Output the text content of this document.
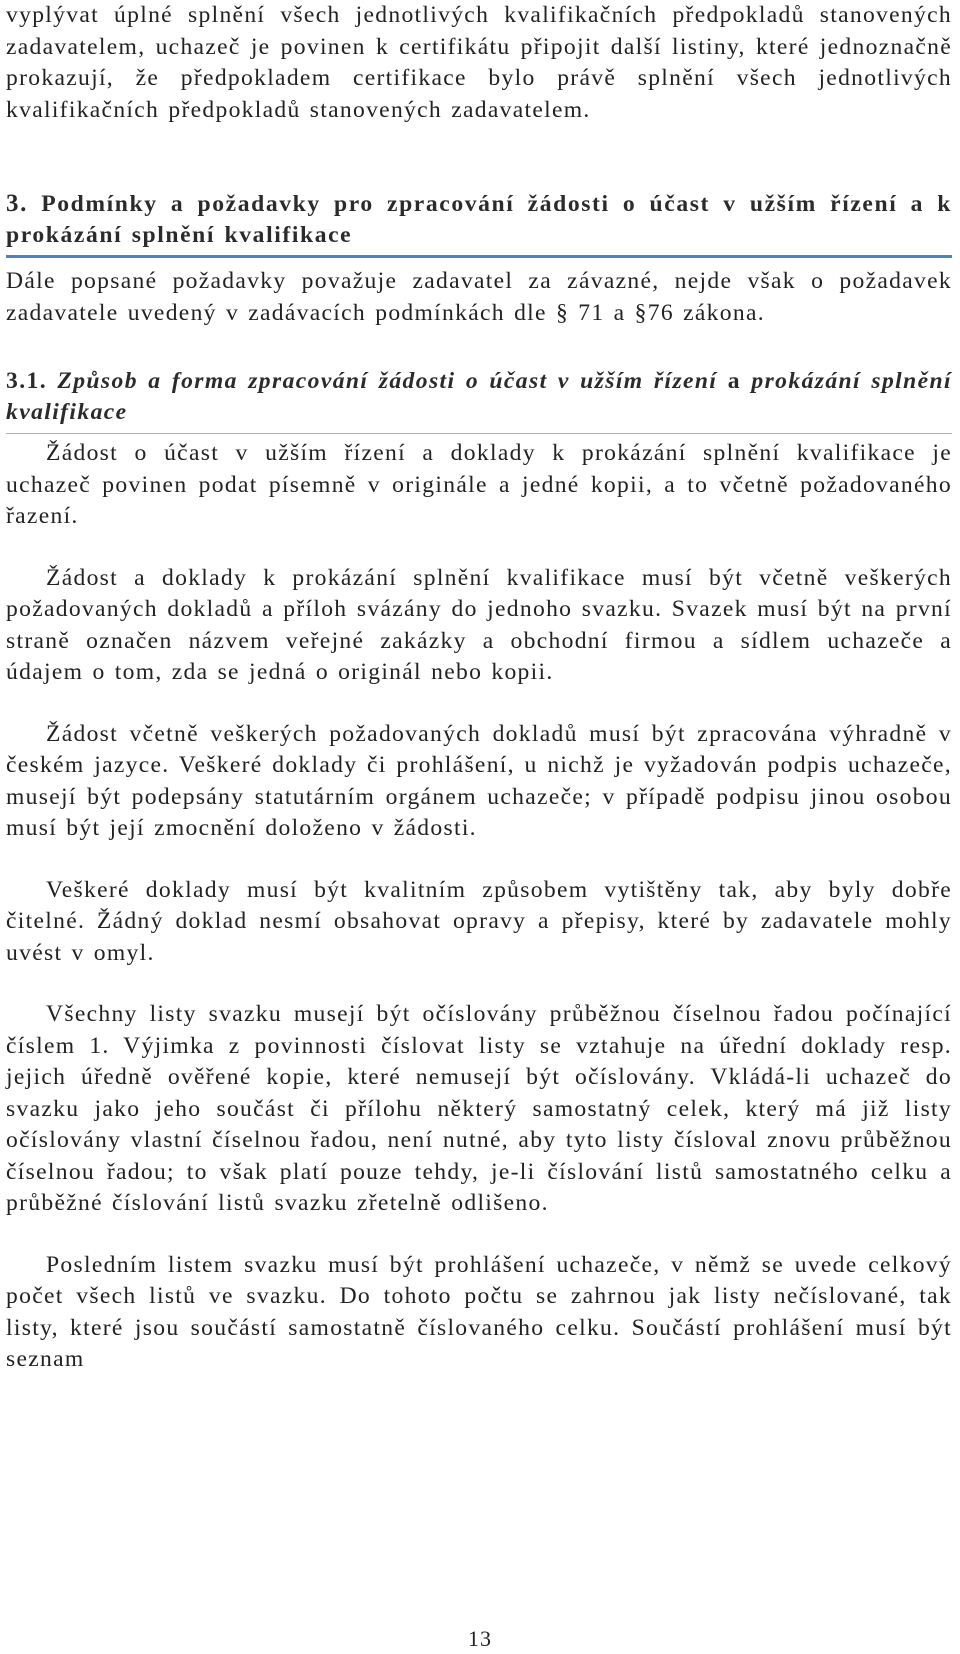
vyplývat úplné splnění všech jednotlivých kvalifikačních předpokladů stanovených zadavatelem, uchazeč je povinen k certifikátu připojit další listiny, které jednoznačně prokazují, že předpokladem certifikace bylo právě splnění všech jednotlivých kvalifikačních předpokladů stanovených zadavatelem.

3. Podmínky a požadavky pro zpracování žádosti o účast v užším řízení a k prokázání splnění kvalifikace

Dále popsané požadavky považuje zadavatel za závazné, nejde však o požadavek zadavatele uvedený v zadávacích podmínkách dle § 71 a §76 zákona.

3.1. Způsob a forma zpracování žádosti o účast v užším řízení a prokázání splnění kvalifikace

Žádost o účast v užším řízení a doklady k prokázání splnění kvalifikace je uchazeč povinen podat písemně v originále a jedné kopii, a to včetně požadovaného řazení.

Žádost a doklady k prokázání splnění kvalifikace musí být včetně veškerých požadovaných dokladů a příloh svázány do jednoho svazku. Svazek musí být na první straně označen názvem veřejné zakázky a obchodní firmou a sídlem uchazeče a údajem o tom, zda se jedná o originál nebo kopii.

Žádost včetně veškerých požadovaných dokladů musí být zpracována výhradně v českém jazyce. Veškeré doklady či prohlášení, u nichž je vyžadován podpis uchazeče, musejí být podepsány statutárním orgánem uchazeče; v případě podpisu jinou osobou musí být její zmocnění doloženo v žádosti.

Veškeré doklady musí být kvalitním způsobem vytištěny tak, aby byly dobře čitelné. Žádný doklad nesmí obsahovat opravy a přepisy, které by zadavatele mohly uvést v omyl.

Všechny listy svazku musejí být očíslovány průběžnou číselnou řadou počínající číslem 1. Výjimka z povinnosti číslovat listy se vztahuje na úřední doklady resp. jejich úředně ověřené kopie, které nemusejí být očíslovány. Vkládá-li uchazeč do svazku jako jeho součást či přílohu některý samostatný celek, který má již listy očíslovány vlastní číselnou řadou, není nutné, aby tyto listy čísloval znovu průběžnou číselnou řadou; to však platí pouze tehdy, je-li číslování listů samostatného celku a průběžné číslování listů svazku zřetelně odlišeno.

Posledním listem svazku musí být prohlášení uchazeče, v němž se uvede celkový počet všech listů ve svazku. Do tohoto počtu se zahrnou jak listy nečíslované, tak listy, které jsou součástí samostatně číslovaného celku. Součástí prohlášení musí být seznam

13
